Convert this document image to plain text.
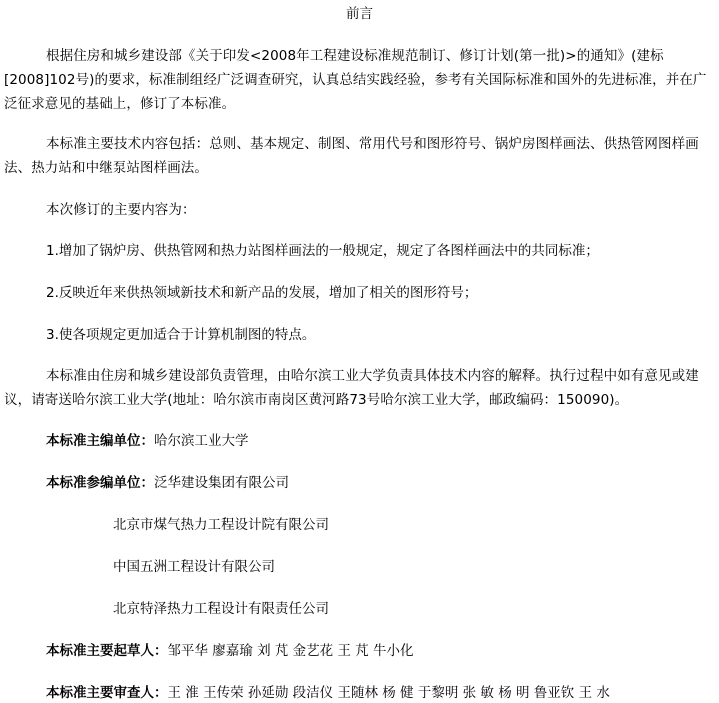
前言

根据住房和城乡建设部《关于印发<2008年工程建设标准规范制订、修订计划(第一批)>的通知》(建标[2008]102号)的要求，标准制组经广泛调查研究，认真总结实践经验，参考有关国际标准和国外的先进标准，并在广泛征求意见的基础上，修订了本标准。

本标准主要技术内容包括：总则、基本规定、制图、常用代号和图形符号、锅炉房图样画法、供热管网图样画法、热力站和中继泵站图样画法。

本次修订的主要内容为：

1.增加了锅炉房、供热管网和热力站图样画法的一般规定，规定了各图样画法中的共同标准；
2.反映近年来供热领域新技术和新产品的发展，增加了相关的图形符号；
3.使各项规定更加适合于计算机制图的特点。

本标准由住房和城乡建设部负责管理，由哈尔滨工业大学负责具体技术内容的解释。执行过程中如有意见或建议，请寄送哈尔滨工业大学(地址：哈尔滨市南岗区黄河路73号哈尔滨工业大学，邮政编码：150090)。

本标准主编单位：哈尔滨工业大学
本标准参编单位：泛华建设集团有限公司
北京市煤气热力工程设计院有限公司
中国五洲工程设计有限公司
北京特泽热力工程设计有限责任公司
本标准主要起草人：邹平华 廖嘉瑜 刘 芃 金艺花 王 芃 牛小化
本标准主要审查人：王 淮 王传荣 孙延勋 段洁仪 王随林 杨 健 于黎明 张 敏 杨 明 鲁亚钦 王 水
